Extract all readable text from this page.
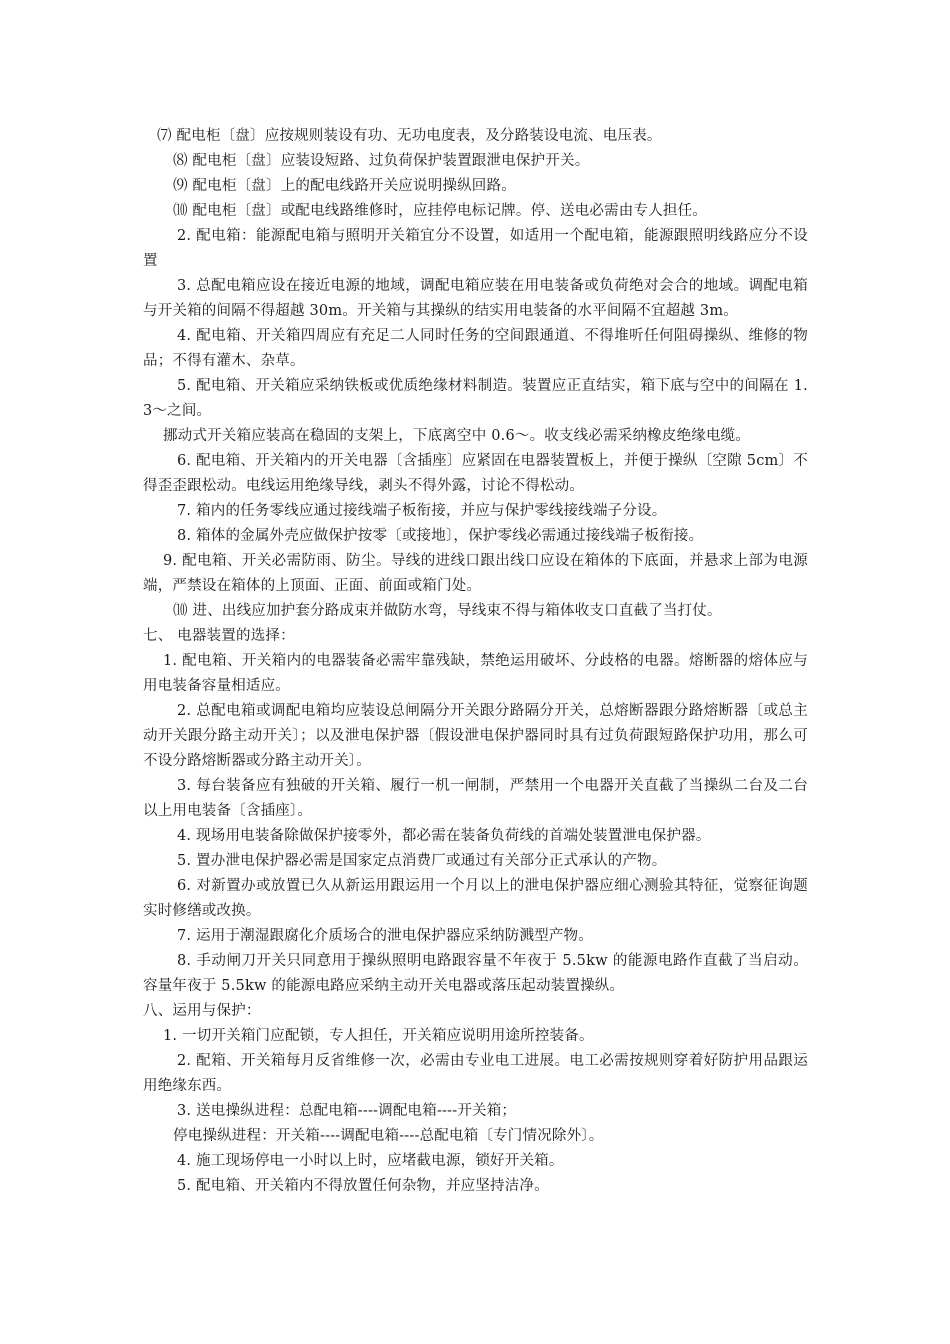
⑺ 配电柜〔盘〕应按规则装设有功、无功电度表，及分路装设电流、电压表。

⑻ 配电柜〔盘〕应装设短路、过负荷保护装置跟泄电保护开关。

⑼ 配电柜〔盘〕上的配电线路开关应说明操纵回路。

⑽ 配电柜〔盘〕或配电线路维修时，应挂停电标记牌。停、送电必需由专人担任。

2. 配电箱：能源配电箱与照明开关箱宜分不设置，如适用一个配电箱，能源跟照明线路应分不设置

3. 总配电箱应设在接近电源的地域，调配电箱应装在用电装备或负荷绝对会合的地域。调配电箱与开关箱的间隔不得超越 30m。开关箱与其操纵的结实用电装备的水平间隔不宜超越 3m。

4. 配电箱、开关箱四周应有充足二人同时任务的空间跟通道、不得堆听任何阻碍操纵、维修的物品；不得有灌木、杂草。

5. 配电箱、开关箱应采纳铁板或优质绝缘材料制造。装置应正直结实，箱下底与空中的间隔在 1.3～之间。

挪动式开关箱应装高在稳固的支架上，下底离空中 0.6～。收支线必需采纳橡皮绝缘电缆。

6. 配电箱、开关箱内的开关电器〔含插座〕应紧固在电器装置板上，并便于操纵〔空隙 5cm〕不得歪歪跟松动。电线运用绝缘导线，剥头不得外露，讨论不得松动。

7. 箱内的任务零线应通过接线端子板衔接，并应与保护零线接线端子分设。

8. 箱体的金属外壳应做保护按零〔或接地〕，保护零线必需通过接线端子板衔接。

9. 配电箱、开关必需防雨、防尘。导线的进线口跟出线口应设在箱体的下底面，并悬求上部为电源端，严禁设在箱体的上顶面、正面、前面或箱门处。

⑽ 进、出线应加护套分路成束并做防水弯，导线束不得与箱体收支口直截了当打仗。

七、 电器装置的选择：

1. 配电箱、开关箱内的电器装备必需牢靠残缺，禁绝运用破坏、分歧格的电器。熔断器的熔体应与用电装备容量相适应。

2. 总配电箱或调配电箱均应装设总闸隔分开关跟分路隔分开关，总熔断器跟分路熔断器〔或总主动开关跟分路主动开关〕；以及泄电保护器〔假设泄电保护器同时具有过负荷跟短路保护功用，那么可不设分路熔断器或分路主动开关〕。

3. 每台装备应有独破的开关箱、履行一机一闸制，严禁用一个电器开关直截了当操纵二台及二台以上用电装备〔含插座〕。

4. 现场用电装备除做保护接零外，都必需在装备负荷线的首端处装置泄电保护器。

5. 置办泄电保护器必需是国家定点消费厂或通过有关部分正式承认的产物。

6. 对新置办或放置已久从新运用跟运用一个月以上的泄电保护器应细心测验其特征，觉察征询题实时修缮或改换。

7. 运用于潮湿跟腐化介质场合的泄电保护器应采纳防溅型产物。

8. 手动闸刀开关只同意用于操纵照明电路跟容量不年夜于 5.5kw 的能源电路作直截了当启动。容量年夜于 5.5kw 的能源电路应采纳主动开关电器或落压起动装置操纵。

八、运用与保护：

1. 一切开关箱门应配锁，专人担任，开关箱应说明用途所控装备。

2. 配箱、开关箱每月反省维修一次，必需由专业电工进展。电工必需按规则穿着好防护用品跟运用绝缘东西。

3. 送电操纵进程：总配电箱----调配电箱----开关箱；

停电操纵进程：开关箱----调配电箱----总配电箱〔专门情况除外〕。

4. 施工现场停电一小时以上时，应堵截电源，锁好开关箱。

5. 配电箱、开关箱内不得放置任何杂物，并应坚持洁净。
